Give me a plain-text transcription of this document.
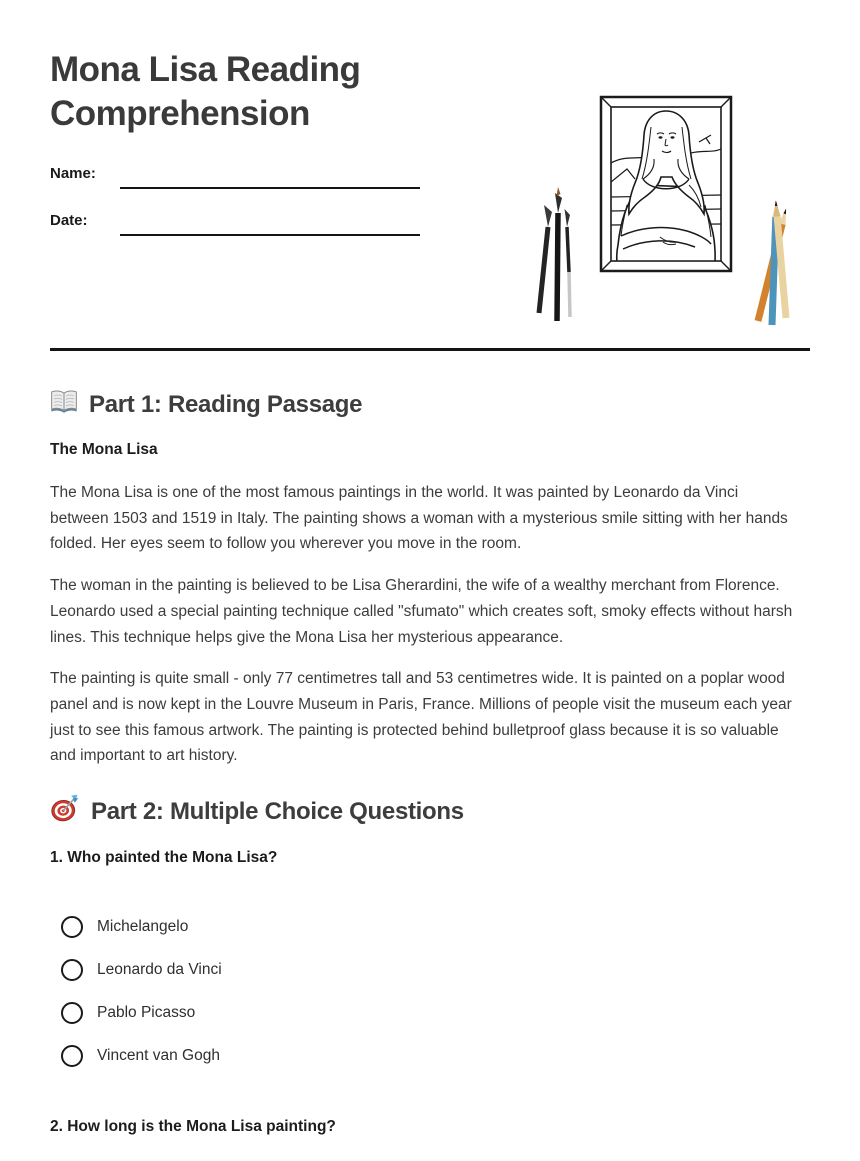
Mona Lisa Reading Comprehension
Name:
Date:
Part 1: Reading Passage
The Mona Lisa

The Mona Lisa is one of the most famous paintings in the world. It was painted by Leonardo da Vinci between 1503 and 1519 in Italy. The painting shows a woman with a mysterious smile sitting with her hands folded. Her eyes seem to follow you wherever you move in the room.

The woman in the painting is believed to be Lisa Gherardini, the wife of a wealthy merchant from Florence. Leonardo used a special painting technique called "sfumato" which creates soft, smoky effects without harsh lines. This technique helps give the Mona Lisa her mysterious appearance.

The painting is quite small - only 77 centimetres tall and 53 centimetres wide. It is painted on a poplar wood panel and is now kept in the Louvre Museum in Paris, France. Millions of people visit the museum each year just to see this famous artwork. The painting is protected behind bulletproof glass because it is so valuable and important to art history.

Part 2: Multiple Choice Questions
1. Who painted the Mona Lisa?
Michelangelo
Leonardo da Vinci
Pablo Picasso
Vincent van Gogh
2. How long is the Mona Lisa painting?
